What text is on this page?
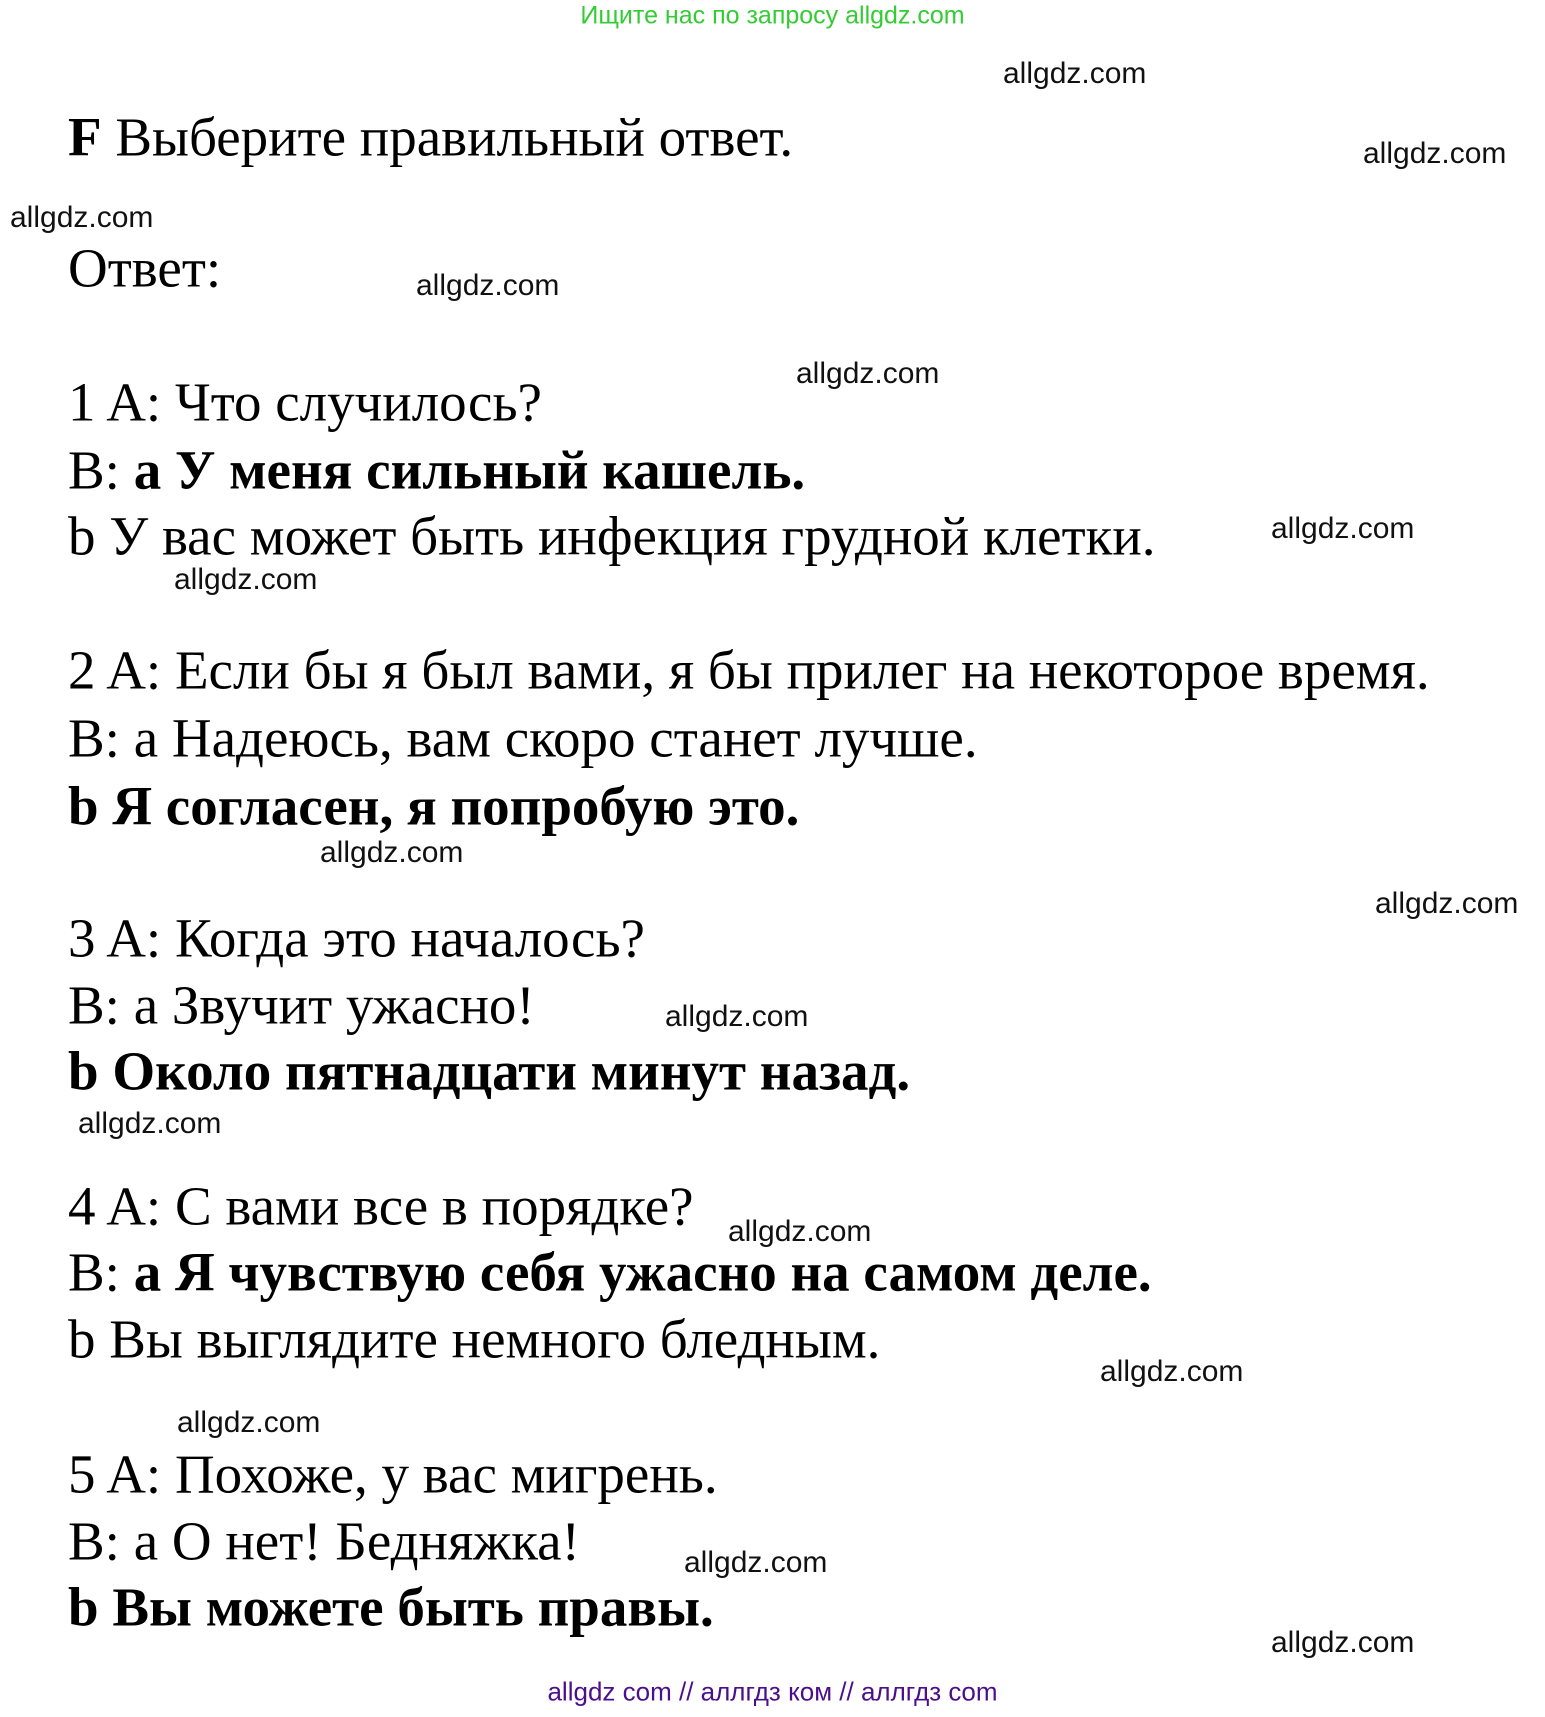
Ищите нас по запросу allgdz.com
F Выберите правильный ответ.
Ответ:
1 A: Что случилось?
B: a У меня сильный кашель.
b У вас может быть инфекция грудной клетки.
2 A: Если бы я был вами, я бы прилег на некоторое время.
B: a Надеюсь, вам скоро станет лучше.
b Я согласен, я попробую это.
3 A: Когда это началось?
B: a Звучит ужасно!
b Около пятнадцати минут назад.
4 A: С вами все в порядке?
B: a Я чувствую себя ужасно на самом деле.
b Вы выглядите немного бледным.
5 A: Похоже, у вас мигрень.
B: a О нет! Бедняжка!
b Вы можете быть правы.
allgdz.com
allgdz.com
allgdz.com
allgdz.com
allgdz.com
allgdz.com
allgdz.com
allgdz.com
allgdz.com
allgdz.com
allgdz.com
allgdz.com
allgdz.com
allgdz.com
allgdz.com
allgdz.com
allgdz com // аллгдз ком // аллгдз com
